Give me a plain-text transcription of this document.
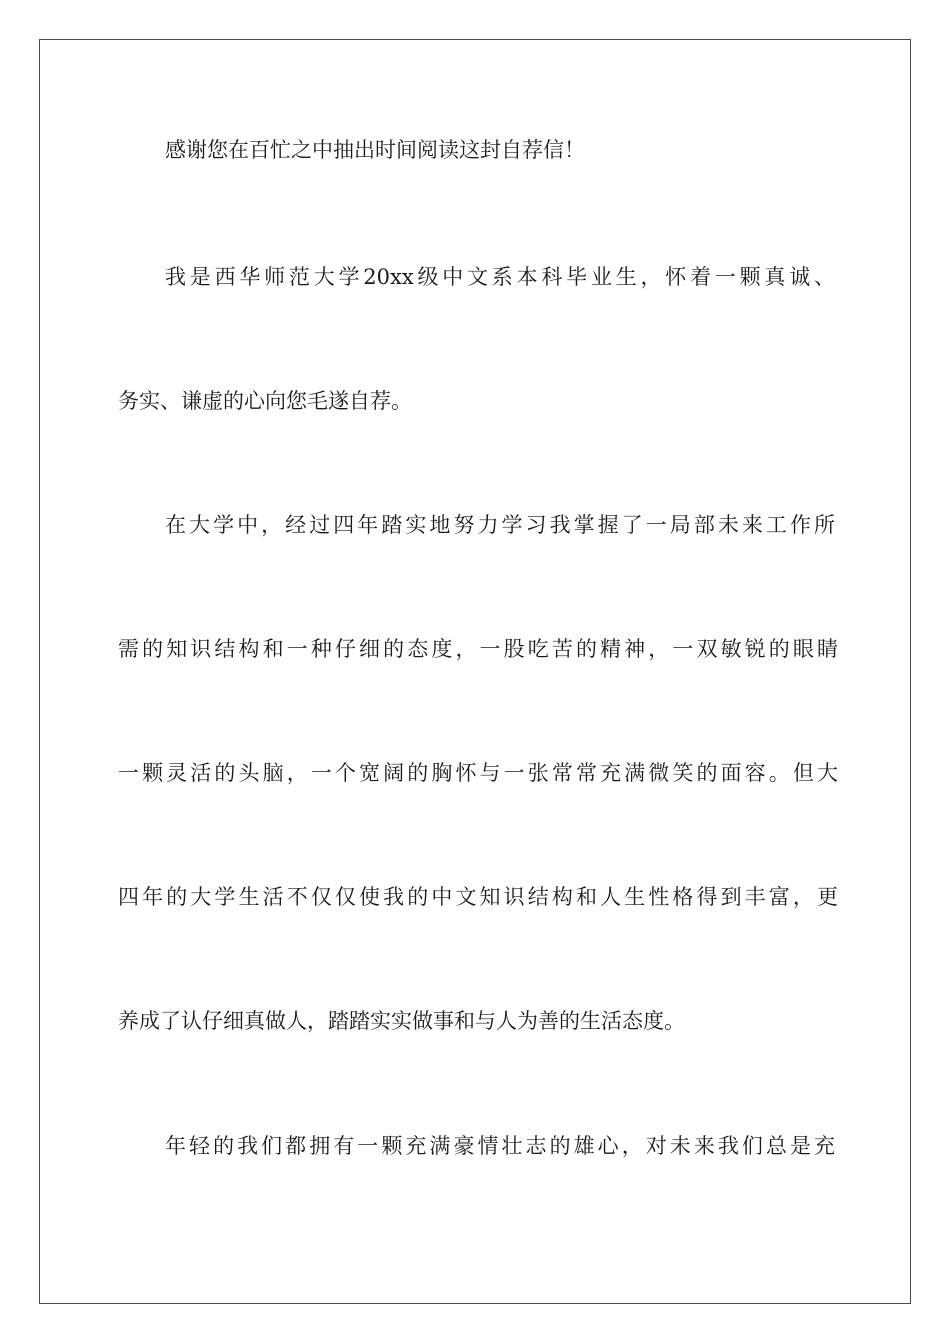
感谢您在百忙之中抽出时间阅读这封自荐信！
我是西华师范大学20xx级中文系本科毕业生，怀着一颗真诚、
务实、谦虚的心向您毛遂自荐。
在大学中，经过四年踏实地努力学习我掌握了一局部未来工作所
需的知识结构和一种仔细的态度，一股吃苦的精神，一双敏锐的眼睛
一颗灵活的头脑，一个宽阔的胸怀与一张常常充满微笑的面容。但大
四年的大学生活不仅仅使我的中文知识结构和人生性格得到丰富，更
养成了认仔细真做人，踏踏实实做事和与人为善的生活态度。
年轻的我们都拥有一颗充满豪情壮志的雄心，对未来我们总是充
